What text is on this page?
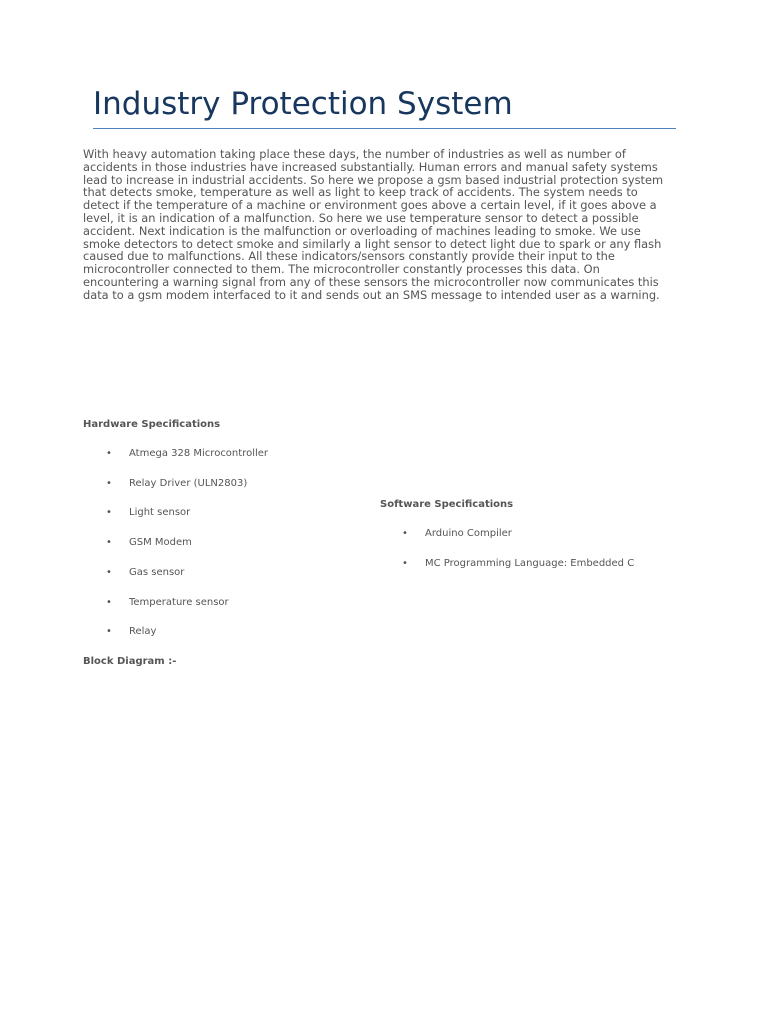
Industry Protection System

With heavy automation taking place these days, the number of industries as well as number of accidents in those industries have increased substantially. Human errors and manual safety systems lead to increase in industrial accidents. So here we propose a gsm based industrial protection system that detects smoke, temperature as well as light to keep track of accidents. The system needs to detect if the temperature of a machine or environment goes above a certain level, if it goes above a level, it is an indication of a malfunction. So here we use temperature sensor to detect a possible accident. Next indication is the malfunction or overloading of machines leading to smoke. We use smoke detectors to detect smoke and similarly a light sensor to detect light due to spark or any flash caused due to malfunctions. All these indicators/sensors constantly provide their input to the microcontroller connected to them. The microcontroller constantly processes this data. On encountering a warning signal from any of these sensors the microcontroller now communicates this data to a gsm modem interfaced to it and sends out an SMS message to intended user as a warning.

Hardware Specifications
• Atmega 328 Microcontroller
• Relay Driver (ULN2803)
• Light sensor
• GSM Modem
• Gas sensor
• Temperature sensor
• Relay
Software Specifications
• Arduino Compiler
• MC Programming Language: Embedded C
Block Diagram :-
